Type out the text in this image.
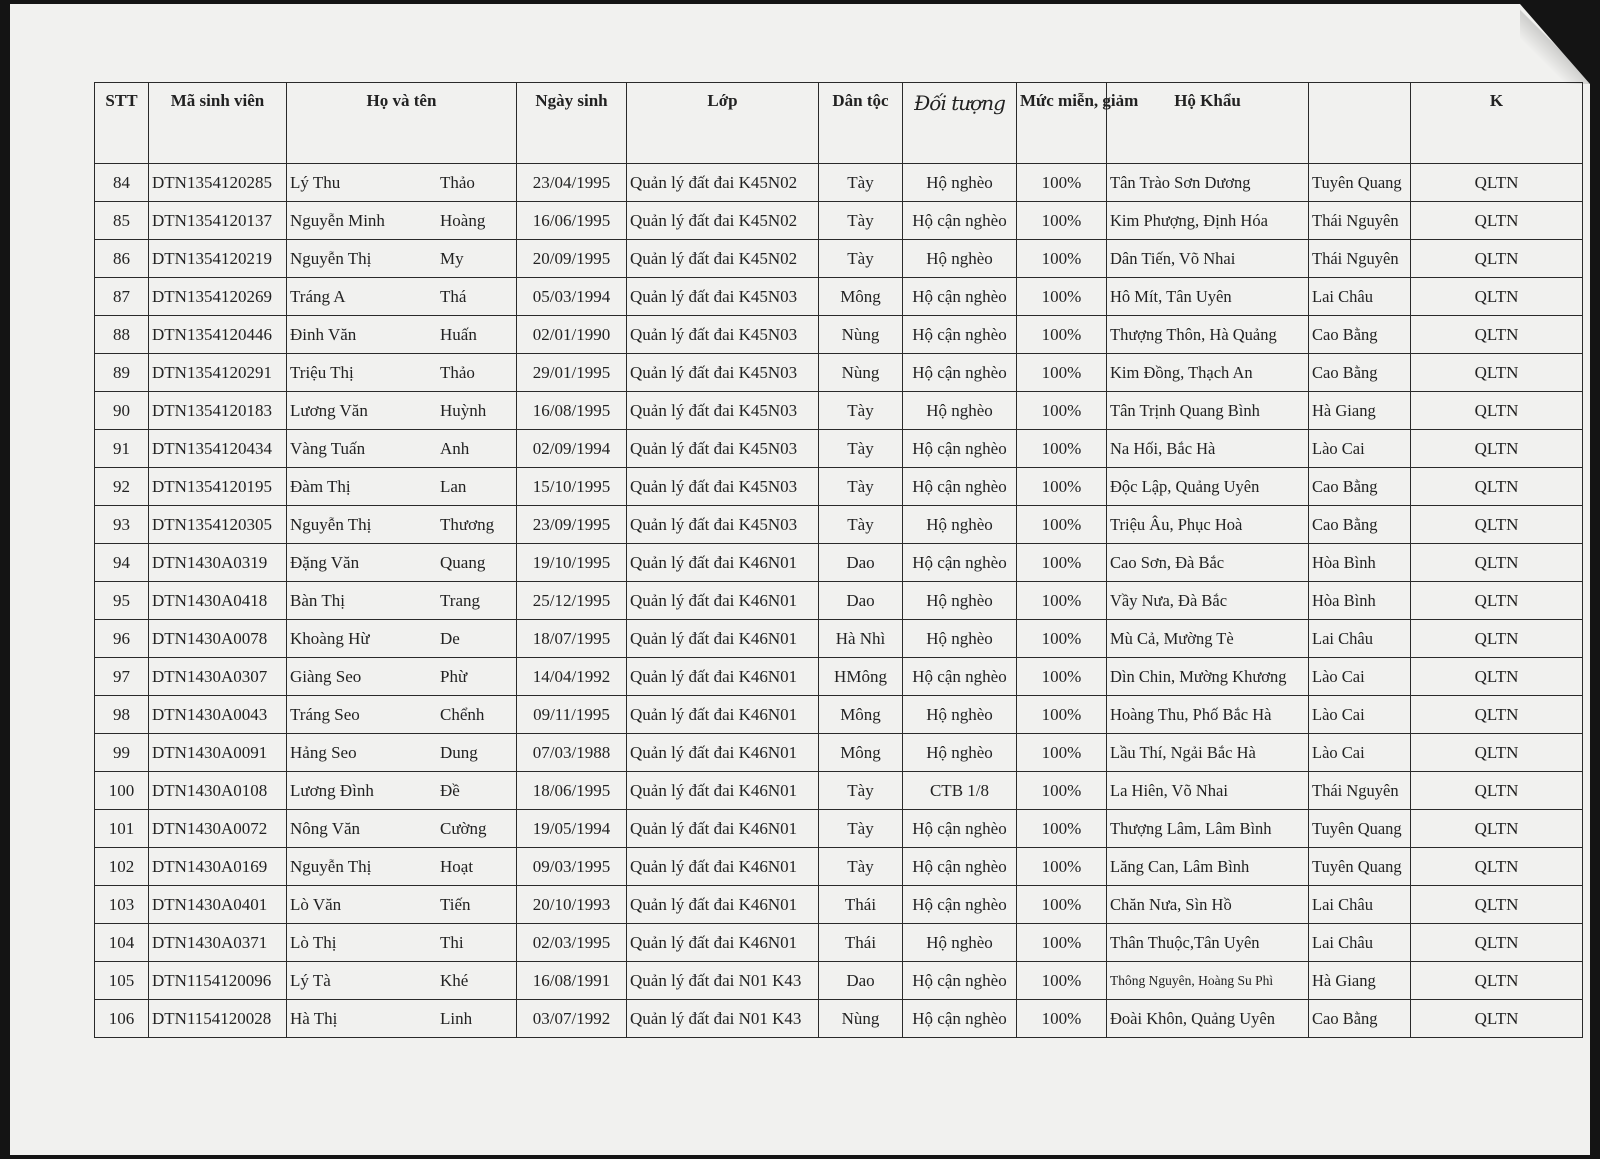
STT	Mã sinh viên	Họ và tên	Ngày sinh	Lớp	Dân tộc	Đối tượng	Mức miễn, giảm	Hộ Khẩu		K
84	DTN1354120285	Lý Thu Thảo	23/04/1995	Quản lý đất đai K45N02	Tày	Hộ nghèo	100%	Tân Trào Sơn Dương	Tuyên Quang	QLTN
85	DTN1354120137	Nguyễn Minh Hoàng	16/06/1995	Quản lý đất đai K45N02	Tày	Hộ cận nghèo	100%	Kim Phượng, Định Hóa	Thái Nguyên	QLTN
86	DTN1354120219	Nguyễn Thị My	20/09/1995	Quản lý đất đai K45N02	Tày	Hộ nghèo	100%	Dân Tiến, Võ Nhai	Thái Nguyên	QLTN
87	DTN1354120269	Tráng A Thá	05/03/1994	Quản lý đất đai K45N03	Mông	Hộ cận nghèo	100%	Hô Mít, Tân Uyên	Lai Châu	QLTN
88	DTN1354120446	Đinh Văn Huấn	02/01/1990	Quản lý đất đai K45N03	Nùng	Hộ cận nghèo	100%	Thượng Thôn, Hà Quảng	Cao Bằng	QLTN
89	DTN1354120291	Triệu Thị Thảo	29/01/1995	Quản lý đất đai K45N03	Nùng	Hộ cận nghèo	100%	Kim Đồng, Thạch An	Cao Bằng	QLTN
90	DTN1354120183	Lương Văn Huỳnh	16/08/1995	Quản lý đất đai K45N03	Tày	Hộ nghèo	100%	Tân Trịnh Quang Bình	Hà Giang	QLTN
91	DTN1354120434	Vàng Tuấn Anh	02/09/1994	Quản lý đất đai K45N03	Tày	Hộ cận nghèo	100%	Na Hối, Bắc Hà	Lào Cai	QLTN
92	DTN1354120195	Đàm Thị Lan	15/10/1995	Quản lý đất đai K45N03	Tày	Hộ cận nghèo	100%	Độc Lập, Quảng Uyên	Cao Bằng	QLTN
93	DTN1354120305	Nguyễn Thị Thương	23/09/1995	Quản lý đất đai K45N03	Tày	Hộ nghèo	100%	Triệu Âu, Phục Hoà	Cao Bằng	QLTN
94	DTN1430A0319	Đặng Văn Quang	19/10/1995	Quản lý đất đai K46N01	Dao	Hộ cận nghèo	100%	Cao Sơn, Đà Bắc	Hòa Bình	QLTN
95	DTN1430A0418	Bàn Thị Trang	25/12/1995	Quản lý đất đai K46N01	Dao	Hộ nghèo	100%	Vầy Nưa, Đà Bắc	Hòa Bình	QLTN
96	DTN1430A0078	Khoàng Hừ De	18/07/1995	Quản lý đất đai K46N01	Hà Nhì	Hộ nghèo	100%	Mù Cả, Mường Tè	Lai Châu	QLTN
97	DTN1430A0307	Giàng Seo Phừ	14/04/1992	Quản lý đất đai K46N01	HMông	Hộ cận nghèo	100%	Dìn Chin, Mường Khương	Lào Cai	QLTN
98	DTN1430A0043	Tráng Seo Chểnh	09/11/1995	Quản lý đất đai K46N01	Mông	Hộ nghèo	100%	Hoàng Thu, Phố Bắc Hà	Lào Cai	QLTN
99	DTN1430A0091	Hảng Seo Dung	07/03/1988	Quản lý đất đai K46N01	Mông	Hộ nghèo	100%	Lầu Thí, Ngải Bắc Hà	Lào Cai	QLTN
100	DTN1430A0108	Lương Đình Đề	18/06/1995	Quản lý đất đai K46N01	Tày	CTB 1/8	100%	La Hiên, Võ Nhai	Thái Nguyên	QLTN
101	DTN1430A0072	Nông Văn Cường	19/05/1994	Quản lý đất đai K46N01	Tày	Hộ cận nghèo	100%	Thượng Lâm, Lâm Bình	Tuyên Quang	QLTN
102	DTN1430A0169	Nguyễn Thị Hoạt	09/03/1995	Quản lý đất đai K46N01	Tày	Hộ cận nghèo	100%	Lăng Can, Lâm Bình	Tuyên Quang	QLTN
103	DTN1430A0401	Lò Văn Tiến	20/10/1993	Quản lý đất đai K46N01	Thái	Hộ cận nghèo	100%	Chăn Nưa, Sìn Hồ	Lai Châu	QLTN
104	DTN1430A0371	Lò Thị Thi	02/03/1995	Quản lý đất đai K46N01	Thái	Hộ nghèo	100%	Thân Thuộc,Tân Uyên	Lai Châu	QLTN
105	DTN1154120096	Lý Tà Khé	16/08/1991	Quản lý đất đai N01 K43	Dao	Hộ cận nghèo	100%	Thông Nguyên, Hoàng Su Phì	Hà Giang	QLTN
106	DTN1154120028	Hà Thị Linh	03/07/1992	Quản lý đất đai N01 K43	Nùng	Hộ cận nghèo	100%	Đoài Khôn, Quảng Uyên	Cao Bằng	QLTN
